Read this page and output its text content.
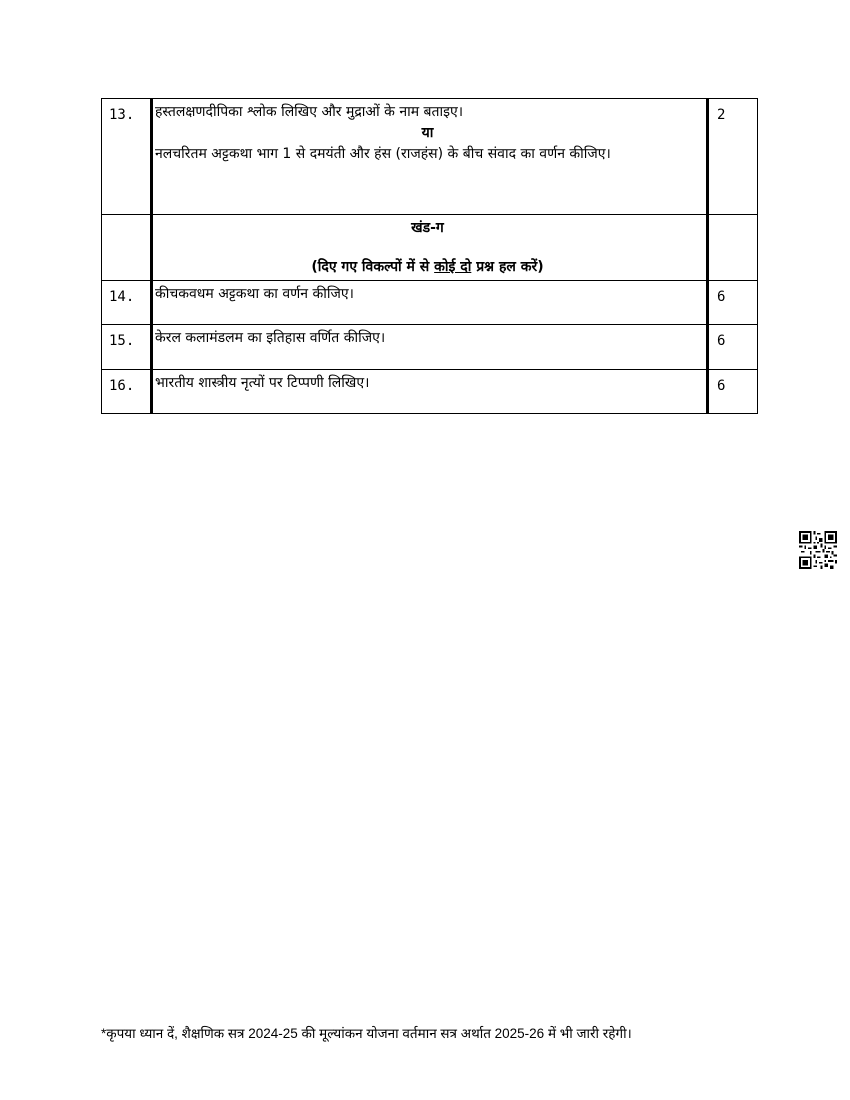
13.	हस्तलक्षणदीपिका श्लोक लिखिए और मुद्राओं के नाम बताइए।
या
नलचरितम अट्टकथा भाग 1 से दमयंती और हंस (राजहंस) के बीच संवाद का वर्णन कीजिए।	2

	खंड-ग
(दिए गए विकल्पों में से कोई दो प्रश्न हल करें)	

14.	कीचकवधम अट्टकथा का वर्णन कीजिए।	6
15.	केरल कलामंडलम का इतिहास वर्णित कीजिए।	6
16.	भारतीय शास्त्रीय नृत्यों पर टिप्पणी लिखिए।	6
*कृपया ध्यान दें, शैक्षणिक सत्र 2024-25 की मूल्यांकन योजना वर्तमान सत्र अर्थात 2025-26 में भी जारी रहेगी।
